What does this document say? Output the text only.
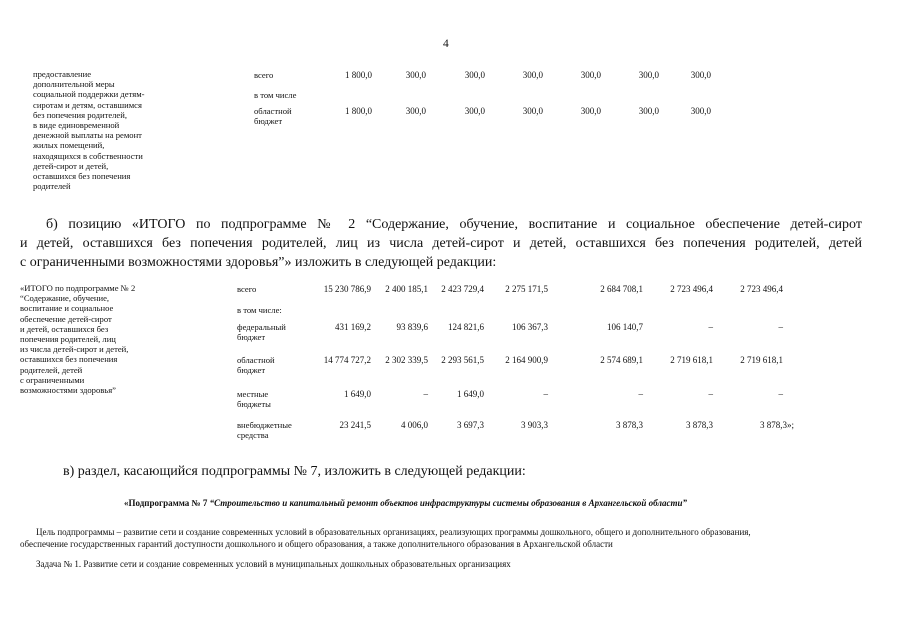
4
предоставление
дополнительной меры
социальной поддержки детям-
сиротам и детям, оставшимся
без попечения родителей,
в виде единовременной
денежной выплаты на ремонт
жилых помещений,
находящихся в собственности
детей-сирот и детей,
оставшихся без попечения
родителей
всего	1 800,0	300,0	300,0	300,0	300,0	300,0	300,0
в том числе
областной
бюджет
1 800,0	300,0	300,0	300,0	300,0	300,0	300,0
б) позицию «ИТОГО по подпрограмме № 2 “Содержание, обучение, воспитание и социальное обеспечение детей-сирот
и детей, оставшихся без попечения родителей, лиц из числа детей-сирот и детей, оставшихся без попечения родителей, детей
с ограниченными возможностями здоровья”» изложить в следующей редакции:
«ИТОГО по подпрограмме № 2
“Содержание, обучение,
воспитание и социальное
обеспечение детей-сирот
и детей, оставшихся без
попечения родителей, лиц
из числа детей-сирот и детей,
оставшихся без попечения
родителей, детей
с ограниченными
возможностями здоровья”
всего	15 230 786,9	2 400 185,1	2 423 729,4	2 275 171,5	2 684 708,1	2 723 496,4	2 723 496,4
в том числе:
федеральный
бюджет
431 169,2	93 839,6	124 821,6	106 367,3	106 140,7	–	–
областной
бюджет
14 774 727,2	2 302 339,5	2 293 561,5	2 164 900,9	2 574 689,1	2 719 618,1	2 719 618,1
местные
бюджеты
1 649,0	–	1 649,0	–	–	–	–
внебюджетные
средства
23 241,5	4 006,0	3 697,3	3 903,3	3 878,3	3 878,3	3 878,3»;
в) раздел, касающийся подпрограммы № 7, изложить в следующей редакции:
«Подпрограмма № 7 “Строительство и капитальный ремонт объектов инфраструктуры системы образования в Архангельской области”
Цель подпрограммы – развитие сети и создание современных условий в образовательных организациях, реализующих программы дошкольного, общего и дополнительного образования,
обеспечение государственных гарантий доступности дошкольного и общего образования, а также дополнительного образования в Архангельской области
Задача № 1. Развитие сети и создание современных условий в муниципальных дошкольных образовательных организациях
